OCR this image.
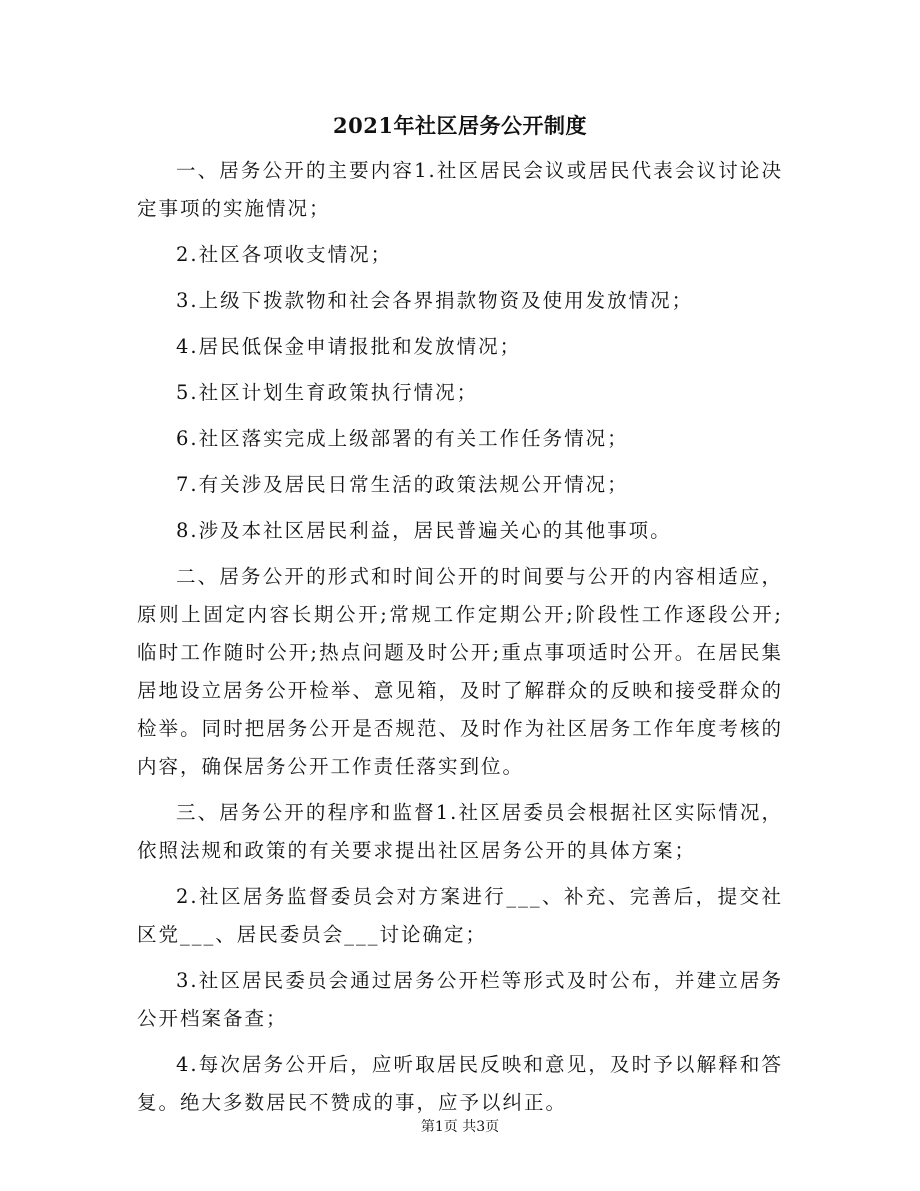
2021年社区居务公开制度

一、居务公开的主要内容1.社区居民会议或居民代表会议讨论决定事项的实施情况；

2.社区各项收支情况；

3.上级下拨款物和社会各界捐款物资及使用发放情况；

4.居民低保金申请报批和发放情况；

5.社区计划生育政策执行情况；

6.社区落实完成上级部署的有关工作任务情况；

7.有关涉及居民日常生活的政策法规公开情况；

8.涉及本社区居民利益，居民普遍关心的其他事项。

二、居务公开的形式和时间公开的时间要与公开的内容相适应，原则上固定内容长期公开;常规工作定期公开;阶段性工作逐段公开;临时工作随时公开;热点问题及时公开;重点事项适时公开。在居民集居地设立居务公开检举、意见箱，及时了解群众的反映和接受群众的检举。同时把居务公开是否规范、及时作为社区居务工作年度考核的内容，确保居务公开工作责任落实到位。

三、居务公开的程序和监督1.社区居委员会根据社区实际情况，依照法规和政策的有关要求提出社区居务公开的具体方案；

2.社区居务监督委员会对方案进行___、补充、完善后，提交社区党___、居民委员会___讨论确定；

3.社区居民委员会通过居务公开栏等形式及时公布，并建立居务公开档案备查；

4.每次居务公开后，应听取居民反映和意见，及时予以解释和答复。绝大多数居民不赞成的事，应予以纠正。

第1页 共3页
